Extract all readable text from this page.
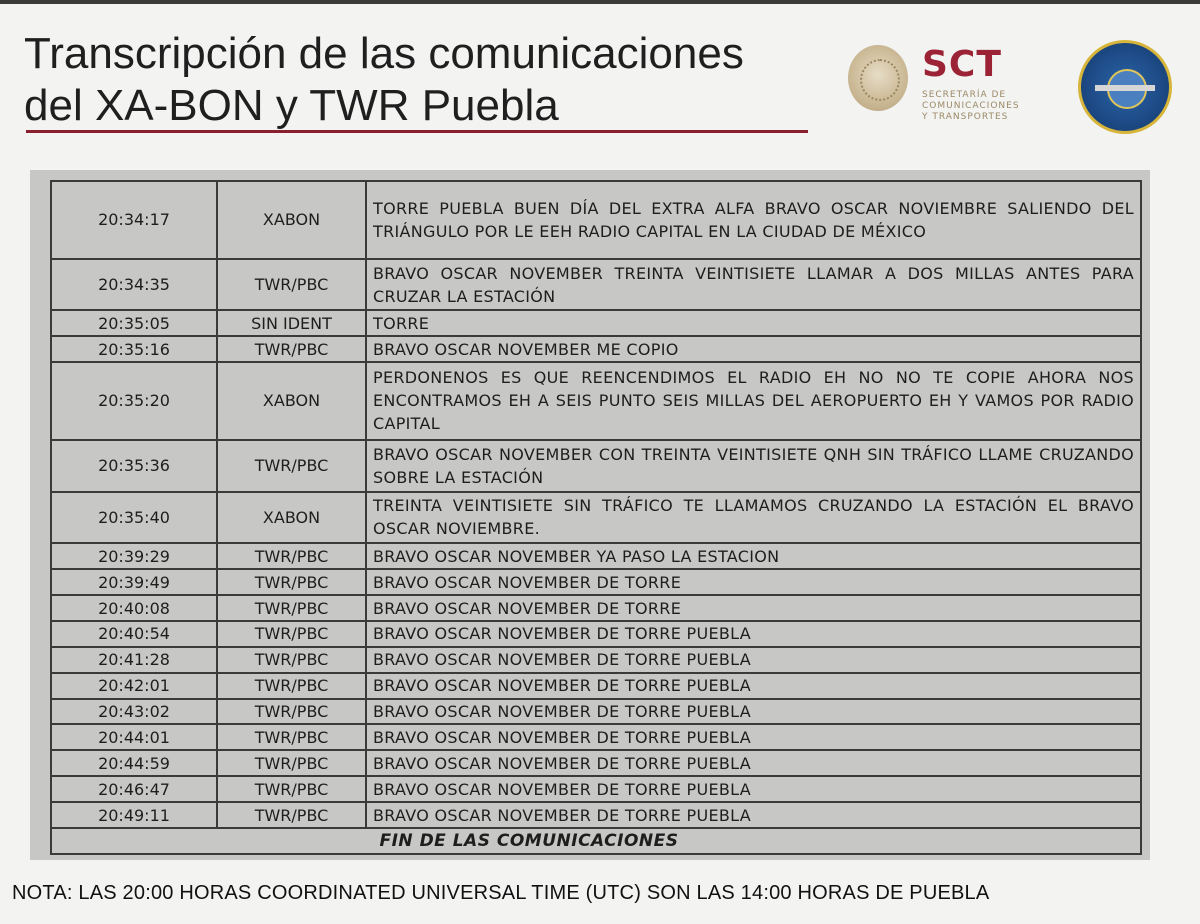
Transcripción de las comunicaciones
del XA-BON y TWR Puebla
SCT
SECRETARÍA DE
COMUNICACIONES
Y TRANSPORTES
20:34:17	XABON	TORRE PUEBLA BUEN DÍA DEL EXTRA ALFA BRAVO OSCAR NOVIEMBRE SALIENDO DEL TRIÁNGULO POR LE EEH RADIO CAPITAL EN LA CIUDAD DE MÉXICO
20:34:35	TWR/PBC	BRAVO OSCAR NOVEMBER TREINTA VEINTISIETE LLAMAR A DOS MILLAS ANTES PARA CRUZAR LA ESTACIÓN
20:35:05	SIN IDENT	TORRE
20:35:16	TWR/PBC	BRAVO OSCAR NOVEMBER ME COPIO
20:35:20	XABON	PERDONENOS ES QUE REENCENDIMOS EL RADIO EH NO NO TE COPIE AHORA NOS ENCONTRAMOS EH A SEIS PUNTO SEIS MILLAS DEL AEROPUERTO EH Y VAMOS POR RADIO CAPITAL
20:35:36	TWR/PBC	BRAVO OSCAR NOVEMBER CON TREINTA VEINTISIETE QNH SIN TRÁFICO LLAME CRUZANDO SOBRE LA ESTACIÓN
20:35:40	XABON	TREINTA VEINTISIETE SIN TRÁFICO TE LLAMAMOS CRUZANDO LA ESTACIÓN EL BRAVO OSCAR NOVIEMBRE.
20:39:29	TWR/PBC	BRAVO OSCAR NOVEMBER YA PASO LA ESTACION
20:39:49	TWR/PBC	BRAVO OSCAR NOVEMBER DE TORRE
20:40:08	TWR/PBC	BRAVO OSCAR NOVEMBER DE TORRE
20:40:54	TWR/PBC	BRAVO OSCAR NOVEMBER DE TORRE PUEBLA
20:41:28	TWR/PBC	BRAVO OSCAR NOVEMBER DE TORRE PUEBLA
20:42:01	TWR/PBC	BRAVO OSCAR NOVEMBER DE TORRE PUEBLA
20:43:02	TWR/PBC	BRAVO OSCAR NOVEMBER DE TORRE PUEBLA
20:44:01	TWR/PBC	BRAVO OSCAR NOVEMBER DE TORRE PUEBLA
20:44:59	TWR/PBC	BRAVO OSCAR NOVEMBER DE TORRE PUEBLA
20:46:47	TWR/PBC	BRAVO OSCAR NOVEMBER DE TORRE PUEBLA
20:49:11	TWR/PBC	BRAVO OSCAR NOVEMBER DE TORRE PUEBLA
FIN DE LAS COMUNICACIONES		
NOTA: LAS 20:00 HORAS COORDINATED UNIVERSAL TIME (UTC) SON LAS 14:00 HORAS DE PUEBLA
